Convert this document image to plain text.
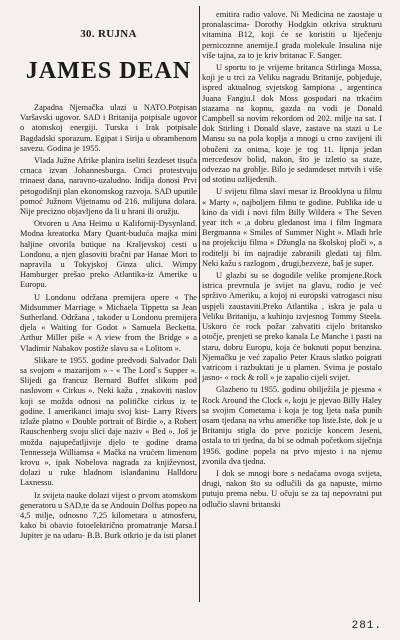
30. RUJNA
JAMES DEAN

Zapadna Njemačka ulazi u NATO.Potpisan Varšavski ugovor. SAD i Britanija potpisale ugovor o atomskoj energiji. Turska i Irak potpisale Bagdadski sporazum. Egipat i Sirija u obrambenom savezu. Godina je 1955.

Vlada Južne Afrike planira iseliti šezdeset tisuća crnaca izvan Johannesburga. Crnci protestvuju trinaest dana, naravno-uzaludno. Indija donosi Prvi petogodišnji plan ekonomskog razvoja. SAD uputile pomoć Južnom Vijetnamu od 216. milijuna dolara. Nije precizno objavljeno da li u hrani ili oružju.

Otvoren u Ana Heimu u Kalifornij-Dysynland. Modna kreatorka Mary Quant-buduća majka mini haljine otvorila butique na Kraljevskoj cesti u Londonu, a njen glasoviti bračni par Hanae Mori to napravila u Tokyjskoj Ginza ulici. Wimpy Hamburger prešao preko Atlantika-iz Amerike u Europu.

U Londonu održana premijera opere « The Midsummer Marriage » Michaela Tippetta sa Jean Sutherland. Održana , također u Londonu premijera djela « Waiting for Godot » Samuela Becketta. Arthur Miller piše « A view from the Bridge » a Vladimir Nabakov postiže slavu sa « Lolitom ».

Slikare te 1955. godine predvodi Salvador Dali sa svojom « mazarijom » - « The Lord`s Supper ». Slijedi ga francuz Bernard Buffet slikom pod naslovom « Cirkus ». Neki kažu , znakoviti naslov koji se možda odnosi na političke cirkus iz te godine. I amerikanci imaju svoj kist- Larry Rivers izlaže platno « Double portrait of Birdie », a Robert Rauschenberg svoju slici daje naziv « Bed ». Još je možda najupečatljivije djelo te godine drama Tennesseja Williamsa « Mačka na vrućem limenom krovu », ipak Nobelova nagrada za književnost, dolazi u ruke hladnom islanđaninu Halldoru Laxnessu.

Iz svijeta nauke dolazi vijest o prvom atomskom generatoru u SAD,te da se Andouin Dolfus popeo na 4,5 milje, odnosno 7,25 kilometara u atmosferu, kako bi obavio fotoelektrično promatranje Marsa.I Jupiter je na udaru- B.B. Burk otkrio je da isti planet

emitira radio valove. Ni Medicina ne zaostaje u pronalascima- Dorothy Hodgkin otkriva strukturu vitamina B12, koji će se koristiti u liječenju pernicoznne anemije.I građa molekule Insulina nije više tajna, za to je kriv britanac F. Sanger.

U sportu to je vrijeme britanca Stirlinga Mossa, koji je u trci za Veliku nagradu Britanije, pobjeđuje, ispred aktualnog svjetskog šampiona , argentinca Juana Fangiu.I dok Moss gospodari na trkaćim stazama na kopnu, gazda na vodi je Donald Campbell sa novim rekordom od 202. milje na sat. I dok Stirling i Donald slave, zastave na stazi u Le Mansu su na pola koplja a mnogi u crno zavijeni ili obučeni za onima, koje je tog 11. lipnja jedan mercedesov bolid, nakon, što je izletio sa staze, odvezao na groblje. Bilo je sedamdeset mrtvih i više od stotinu ozlijeđenih.

U svijetu filma slavi mesar iz Brooklyna u filmu « Marty », najboljem filmu te godine. Publika ide u kino da vidi i novi film Billy Wildera « The Seven year itch « ,a dobru gledanost ima i film Ingmara Bergmanna « Smiles of Summer Night ». Mladi hrle na projekciju filma « Džungla na školskoj ploči », a roditelji bi im najradije zabranili gledati taj film. Neki kažu s razlogom , drugi,bezveze, baš je super.

U glazbi su se dogodile velike promjene.Rock istrica prevrnula je svijet na glavu, rodio je već sprživo Ameriku, a kojoj ni europski vatrogasci nisu uspjeli zaustaviti.Preko Atlantika , iskra je pala u Veliku Britaniju, a kuhinju izvjesnog Tommy Steela. Uskoro će rock požar zahvatiti cijelo britansko otočje, prenjeti se preko kanala Le Manche i pasti na staru, dobru Europu, koja će buknuti poput benzina. Njemačku je već zapalio Peter Kraus slatko poigrati vatricom i razbuktati je u plamen. Svima je postalo jasno- « rock & roll » je zapalio cijeli svijet.

Glazbeno tu 1955. godinu obilježila je pjesma « Rock Around the Clock «, koju je pjevao Billy Haley sa svojim Cometama i koja je tog ljeta naša punih osam tjedana na vrhu američke top liste.Iste, dok je u Britaniju stigla do prve pozicije koncem Jeseni, ostala to tri tjedna, da bi se odmah početkom siječnja 1956. godine popela na prvo mjesto i na njemu zvonila dva tjedna.

I dok se mnogi bore s nedaćama ovoga svijeta, drugi, nakon što su odlučili da ga napuste, mirno putuju prema nebu. U očuju se za taj nepovratni put odlučio slavni britanski

281.
